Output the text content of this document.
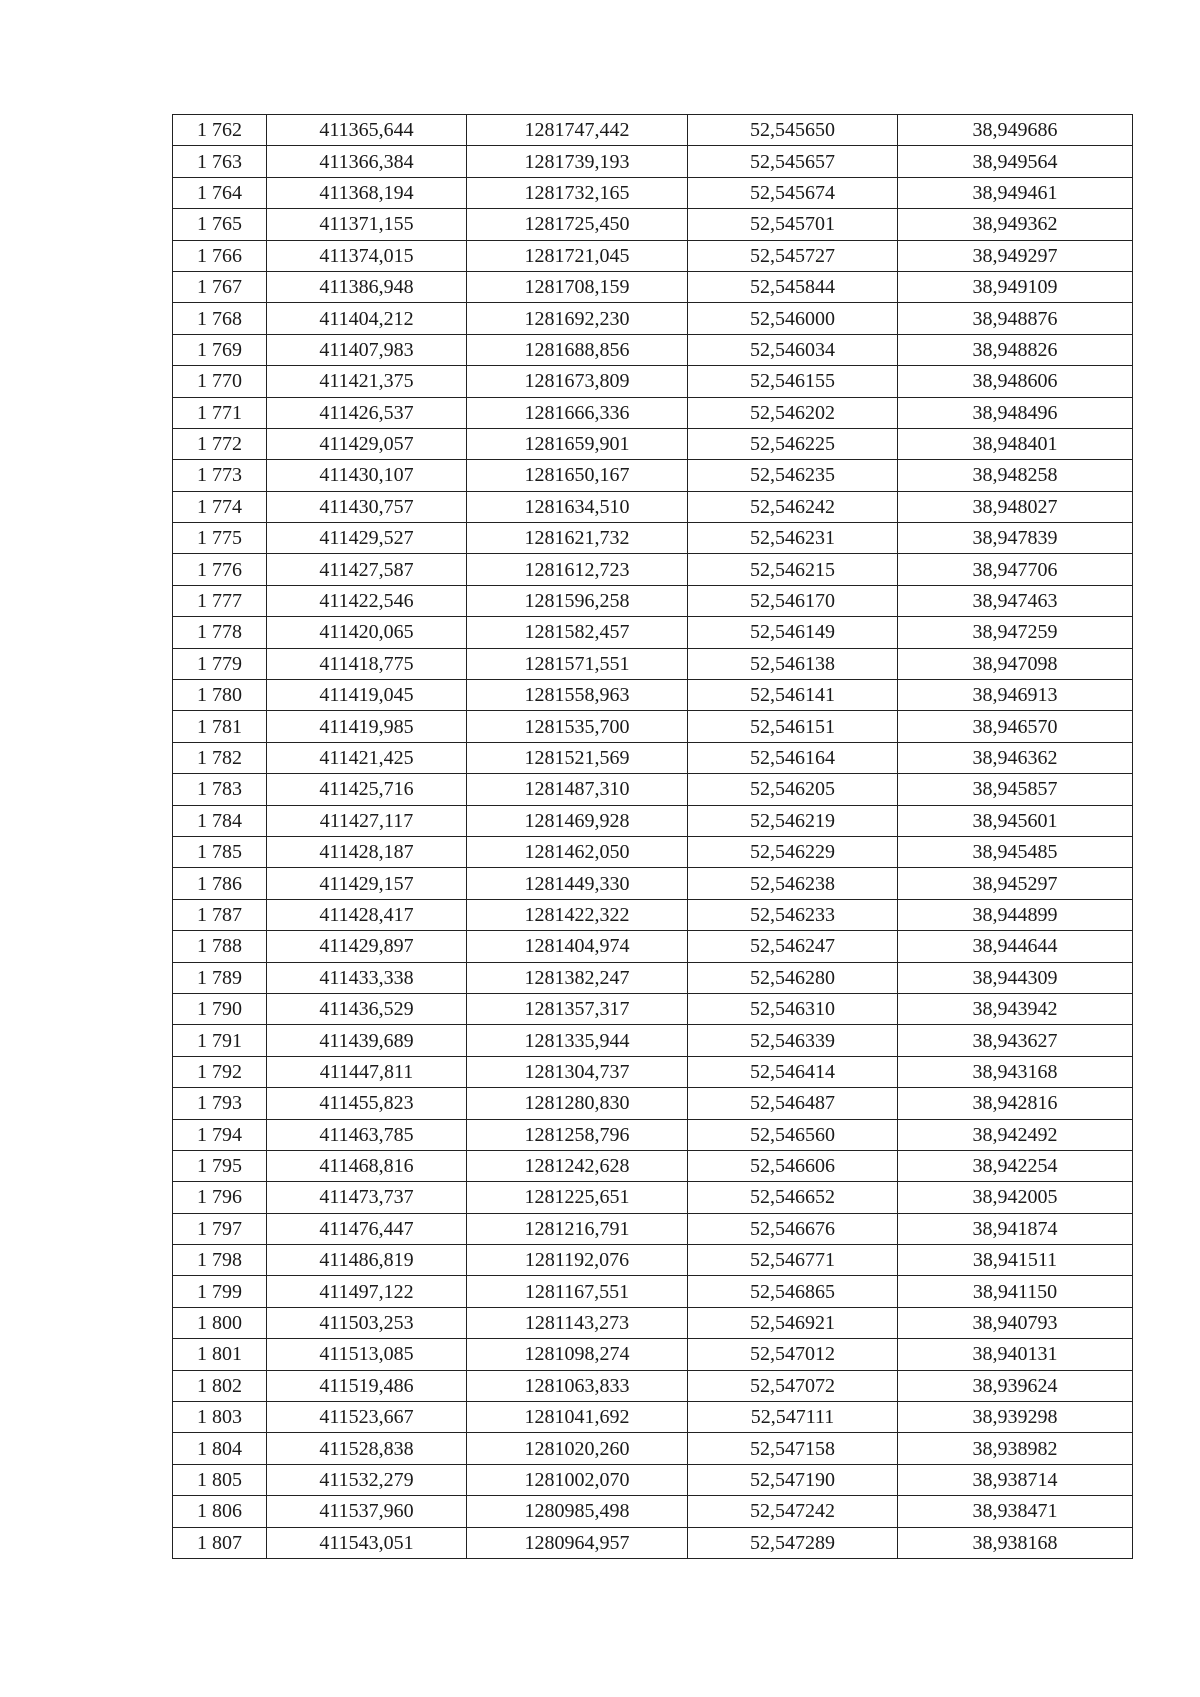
1 762	411365,644	1281747,442	52,545650	38,949686
1 763	411366,384	1281739,193	52,545657	38,949564
1 764	411368,194	1281732,165	52,545674	38,949461
1 765	411371,155	1281725,450	52,545701	38,949362
1 766	411374,015	1281721,045	52,545727	38,949297
1 767	411386,948	1281708,159	52,545844	38,949109
1 768	411404,212	1281692,230	52,546000	38,948876
1 769	411407,983	1281688,856	52,546034	38,948826
1 770	411421,375	1281673,809	52,546155	38,948606
1 771	411426,537	1281666,336	52,546202	38,948496
1 772	411429,057	1281659,901	52,546225	38,948401
1 773	411430,107	1281650,167	52,546235	38,948258
1 774	411430,757	1281634,510	52,546242	38,948027
1 775	411429,527	1281621,732	52,546231	38,947839
1 776	411427,587	1281612,723	52,546215	38,947706
1 777	411422,546	1281596,258	52,546170	38,947463
1 778	411420,065	1281582,457	52,546149	38,947259
1 779	411418,775	1281571,551	52,546138	38,947098
1 780	411419,045	1281558,963	52,546141	38,946913
1 781	411419,985	1281535,700	52,546151	38,946570
1 782	411421,425	1281521,569	52,546164	38,946362
1 783	411425,716	1281487,310	52,546205	38,945857
1 784	411427,117	1281469,928	52,546219	38,945601
1 785	411428,187	1281462,050	52,546229	38,945485
1 786	411429,157	1281449,330	52,546238	38,945297
1 787	411428,417	1281422,322	52,546233	38,944899
1 788	411429,897	1281404,974	52,546247	38,944644
1 789	411433,338	1281382,247	52,546280	38,944309
1 790	411436,529	1281357,317	52,546310	38,943942
1 791	411439,689	1281335,944	52,546339	38,943627
1 792	411447,811	1281304,737	52,546414	38,943168
1 793	411455,823	1281280,830	52,546487	38,942816
1 794	411463,785	1281258,796	52,546560	38,942492
1 795	411468,816	1281242,628	52,546606	38,942254
1 796	411473,737	1281225,651	52,546652	38,942005
1 797	411476,447	1281216,791	52,546676	38,941874
1 798	411486,819	1281192,076	52,546771	38,941511
1 799	411497,122	1281167,551	52,546865	38,941150
1 800	411503,253	1281143,273	52,546921	38,940793
1 801	411513,085	1281098,274	52,547012	38,940131
1 802	411519,486	1281063,833	52,547072	38,939624
1 803	411523,667	1281041,692	52,547111	38,939298
1 804	411528,838	1281020,260	52,547158	38,938982
1 805	411532,279	1281002,070	52,547190	38,938714
1 806	411537,960	1280985,498	52,547242	38,938471
1 807	411543,051	1280964,957	52,547289	38,938168
